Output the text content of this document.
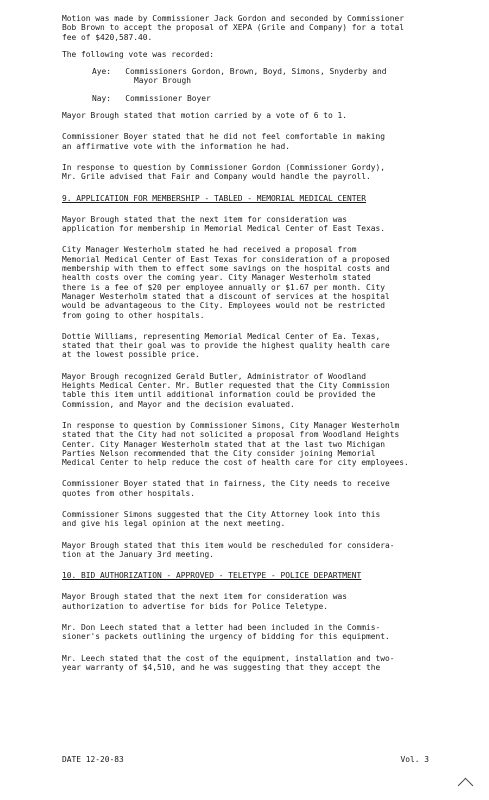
Motion was made by Commissioner Jack Gordon and seconded by Commissioner
Bob Brown to accept the proposal of XEPA (Grile and Company) for a total
fee of $420,587.40.

The following vote was recorded:

Aye: Commissioners Gordon, Brown, Boyd, Simons, Snyderby and
Mayor Brough
Nay: Commissioner Boyer

Mayor Brough stated that motion carried by a vote of 6 to 1.

Commissioner Boyer stated that he did not feel comfortable in making
an affirmative vote with the information he had.

In response to question by Commissioner Gordon (Commissioner Gordy),
Mr. Grile advised that Fair and Company would handle the payroll.

9. APPLICATION FOR MEMBERSHIP - TABLED - MEMORIAL MEDICAL CENTER

Mayor Brough stated that the next item for consideration was
application for membership in Memorial Medical Center of East Texas.

City Manager Westerholm stated he had received a proposal from
Memorial Medical Center of East Texas for consideration of a proposed
membership with them to effect some savings on the hospital costs and
health costs over the coming year. City Manager Westerholm stated
there is a fee of $20 per employee annually or $1.67 per month. City
Manager Westerholm stated that a discount of services at the hospital
would be advantageous to the City. Employees would not be restricted
from going to other hospitals.

Dottie Williams, representing Memorial Medical Center of Ea. Texas,
stated that their goal was to provide the highest quality health care
at the lowest possible price.

Mayor Brough recognized Gerald Butler, Administrator of Woodland
Heights Medical Center. Mr. Butler requested that the City Commission
table this item until additional information could be provided the
Commission, and Mayor and the decision evaluated.

In response to question by Commissioner Simons, City Manager Westerholm
stated that the City had not solicited a proposal from Woodland Heights
Center. City Manager Westerholm stated that at the last two Michigan
Parties Nelson recommended that the City consider joining Memorial
Medical Center to help reduce the cost of health care for city employees.

Commissioner Boyer stated that in fairness, the City needs to receive
quotes from other hospitals.

Commissioner Simons suggested that the City Attorney look into this
and give his legal opinion at the next meeting.

Mayor Brough stated that this item would be rescheduled for considera-
tion at the January 3rd meeting.

10. BID AUTHORIZATION - APPROVED - TELETYPE - POLICE DEPARTMENT

Mayor Brough stated that the next item for consideration was
authorization to advertise for bids for Police Teletype.

Mr. Don Leech stated that a letter had been included in the Commis-
sioner's packets outlining the urgency of bidding for this equipment.

Mr. Leech stated that the cost of the equipment, installation and two-
year warranty of $4,510, and he was suggesting that they accept the

DATE 12-20-83	Vol. 3
